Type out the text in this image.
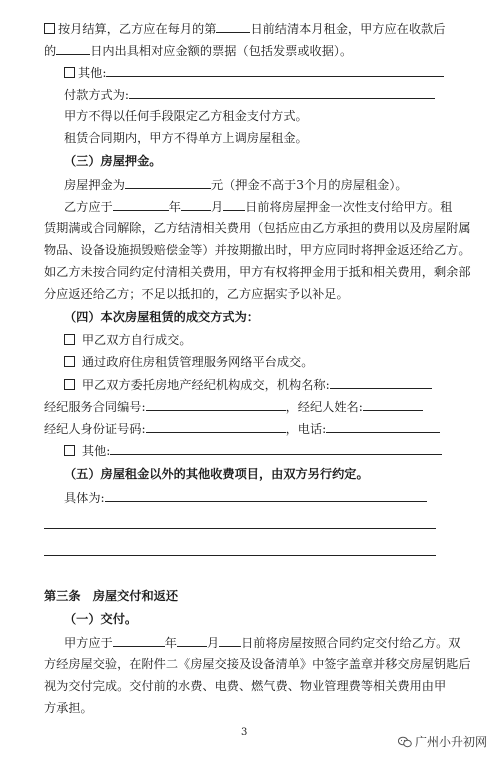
按月结算，乙方应在每月的第	日前结清本月租金，甲方应在收款后
的	日内出具相对应金额的票据（包括发票或收据）。
其他:
付款方式为:
甲方不得以任何手段限定乙方租金支付方式。
租赁合同期内，甲方不得单方上调房屋租金。
（三）房屋押金。
房屋押金为	元（押金不高于3个月的房屋租金）。
乙方应于	年 月 日前将房屋押金一次性支付给甲方。租
赁期满或合同解除，乙方结清相关费用（包括应由乙方承担的费用以及房屋附属
物品、设备设施损毁赔偿金等）并按期撤出时，甲方应同时将押金返还给乙方。
如乙方未按合同约定付清相关费用，甲方有权将押金用于抵和相关费用，剩余部
分应返还给乙方；不足以抵扣的，乙方应据实予以补足。
（四）本次房屋租赁的成交方式为：
甲乙双方自行成交。
通过政府住房租赁管理服务网络平台成交。
甲乙双方委托房地产经纪机构成交，机构名称:
经纪服务合同编号:	，经纪人姓名:
经纪人身份证号码:	，电话:
其他:
（五）房屋租金以外的其他收费项目，由双方另行约定。
具体为:
第三条　房屋交付和返还
（一）交付。
甲方应于	年 月 日前将房屋按照合同约定交付给乙方。双
方经房屋交验，在附件二《房屋交接及设备清单》中签字盖章并移交房屋钥匙后
视为交付完成。交付前的水费、电费、燃气费、物业管理费等相关费用由甲
方承担。
3
广州小升初网
